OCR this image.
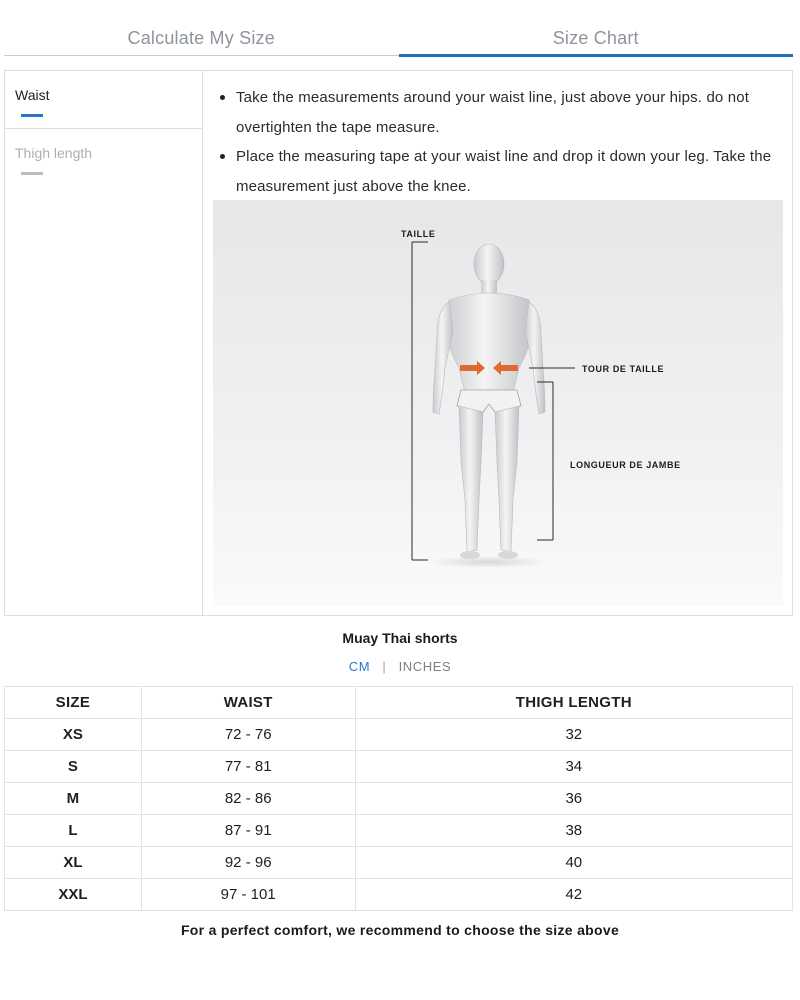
Calculate My Size	Size Chart
Waist
Thigh length
Take the measurements around your waist line, just above your hips. do not overtighten the tape measure.
Place the measuring tape at your waist line and drop it down your leg. Take the measurement just above the knee.
TAILLE
TOUR DE TAILLE
LONGUEUR DE JAMBE
Muay Thai shorts
CM | INCHES
SIZE	WAIST	THIGH LENGTH
XS	72 - 76	32
S	77 - 81	34
M	82 - 86	36
L	87 - 91	38
XL	92 - 96	40
XXL	97 - 101	42
For a perfect comfort, we recommend to choose the size above
